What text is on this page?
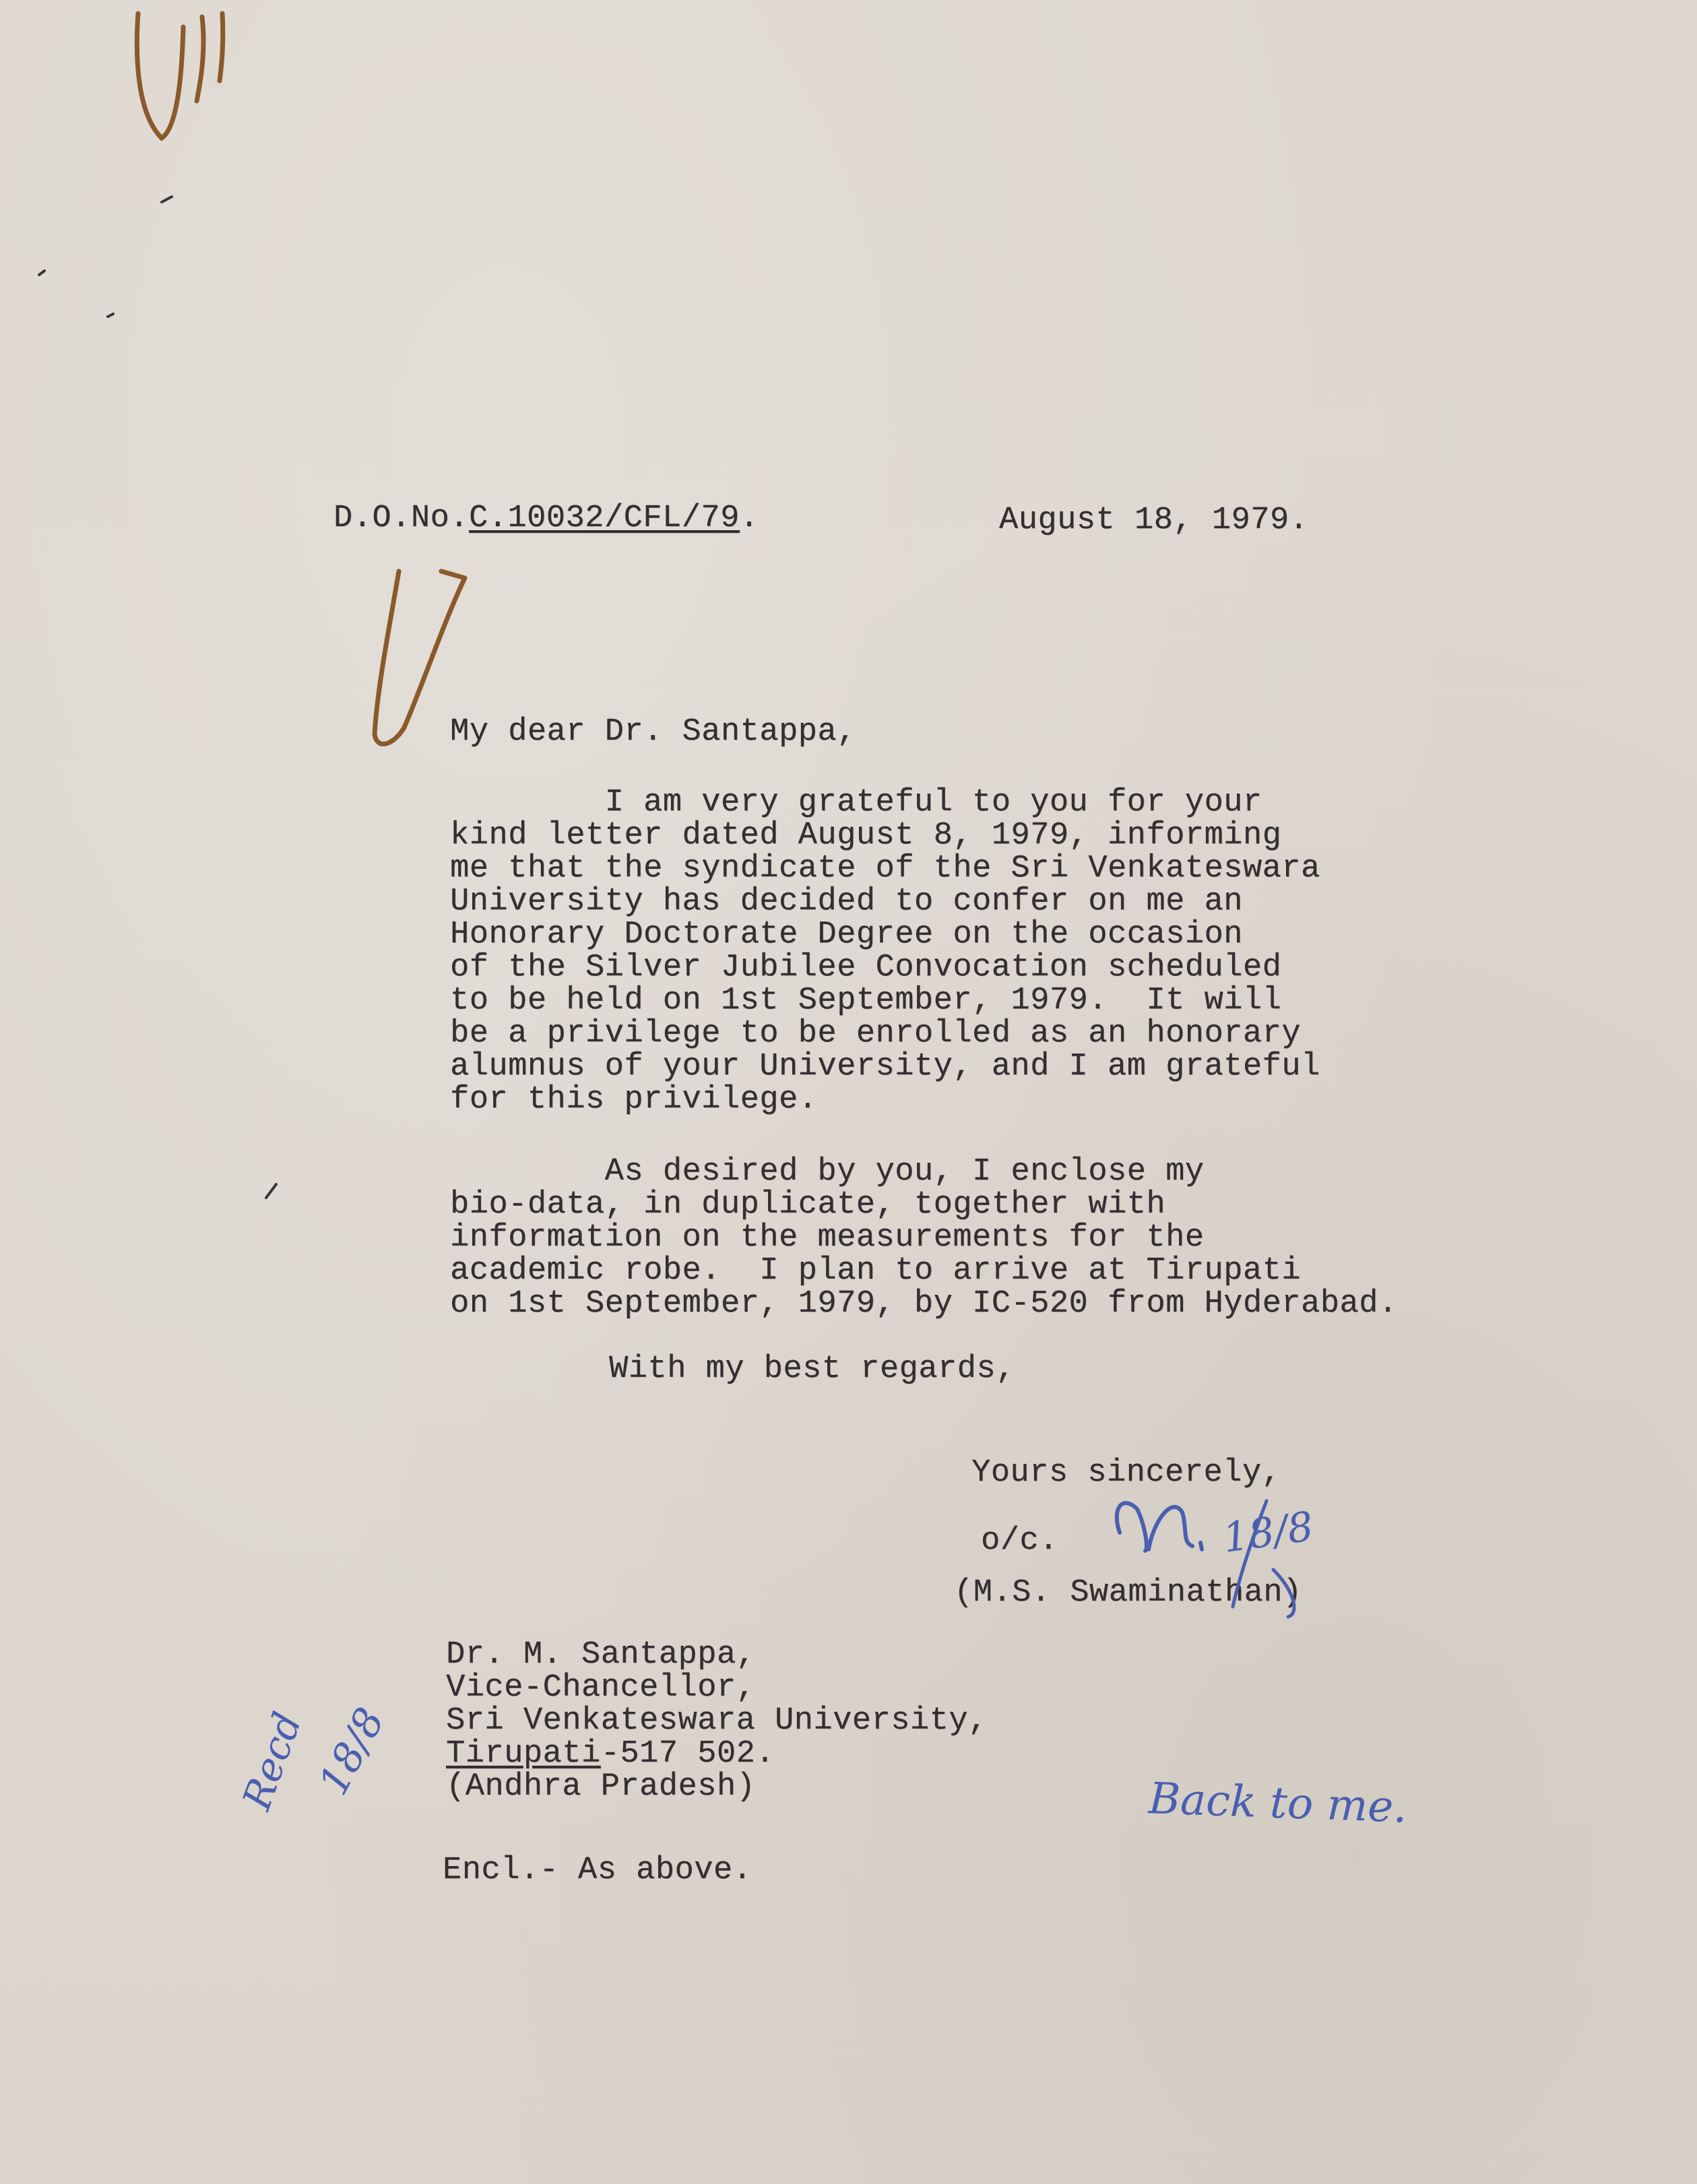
D.O.No.C.10032/CFL/79.	August 18, 1979.
My dear Dr. Santappa,
I am very grateful to you for your
kind letter dated August 8, 1979, informing
me that the syndicate of the Sri Venkateswara
University has decided to confer on me an
Honorary Doctorate Degree on the occasion
of the Silver Jubilee Convocation scheduled
to be held on 1st September, 1979.  It will
be a privilege to be enrolled as an honorary
alumnus of your University, and I am grateful
for this privilege.
As desired by you, I enclose my
bio-data, in duplicate, together with
information on the measurements for the
academic robe.  I plan to arrive at Tirupati
on 1st September, 1979, by IC-520 from Hyderabad.
With my best regards,
Yours sincerely,
o/c.
(M.S. Swaminathan)
Dr. M. Santappa,
Vice-Chancellor,
Sri Venkateswara University,
Tirupati-517 502.
(Andhra Pradesh)
Encl.- As above.
Back to me.
Recd
18/8
18/8
